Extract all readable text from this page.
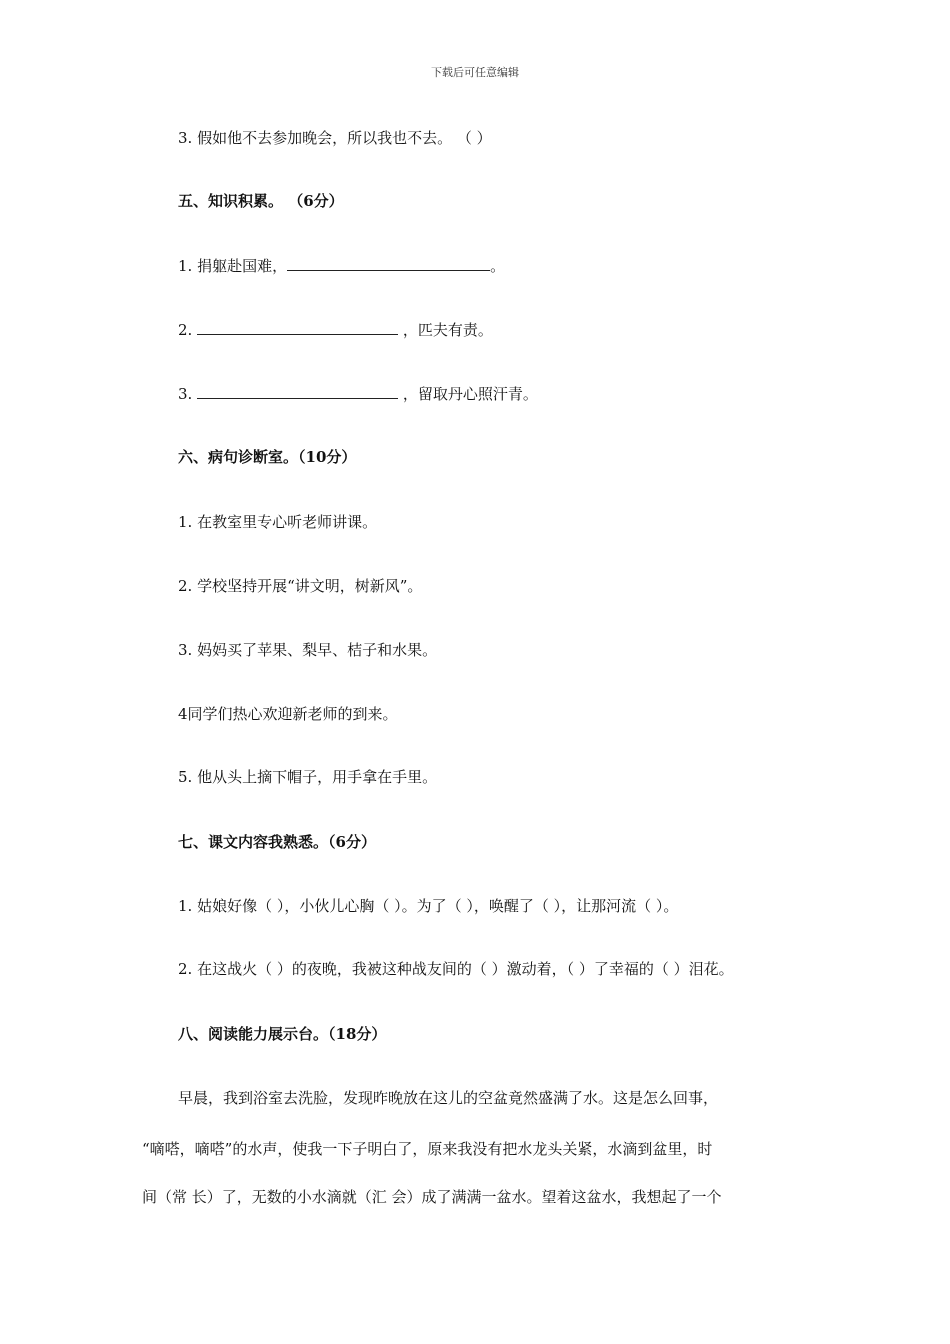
下载后可任意编辑
3. 假如他不去参加晚会，所以我也不去。 （ ）
五、知识积累。 （6分）
1. 捐躯赴国难，	。
2.	，匹夫有责。
3.	，留取丹心照汗青。
六、病句诊断室。（10分）
1. 在教室里专心听老师讲课。
2. 学校坚持开展“讲文明，树新风”。
3. 妈妈买了苹果、梨早、桔子和水果。
4同学们热心欢迎新老师的到来。
5. 他从头上摘下帽子，用手拿在手里。
七、课文内容我熟悉。（6分）
1. 姑娘好像（ ），小伙儿心胸（ ）。为了（ ），唤醒了（ ），让那河流（ ）。
2. 在这战火（ ）的夜晚，我被这种战友间的（ ）激动着，（ ）了幸福的（ ）泪花。
八、阅读能力展示台。（18分）
早晨，我到浴室去洗脸，发现昨晚放在这儿的空盆竟然盛满了水。这是怎么回事，
“嘀嗒，嘀嗒”的水声，使我一下子明白了，原来我没有把水龙头关紧，水滴到盆里，时
间（常 长）了，无数的小水滴就（汇 会）成了满满一盆水。望着这盆水，我想起了一个
